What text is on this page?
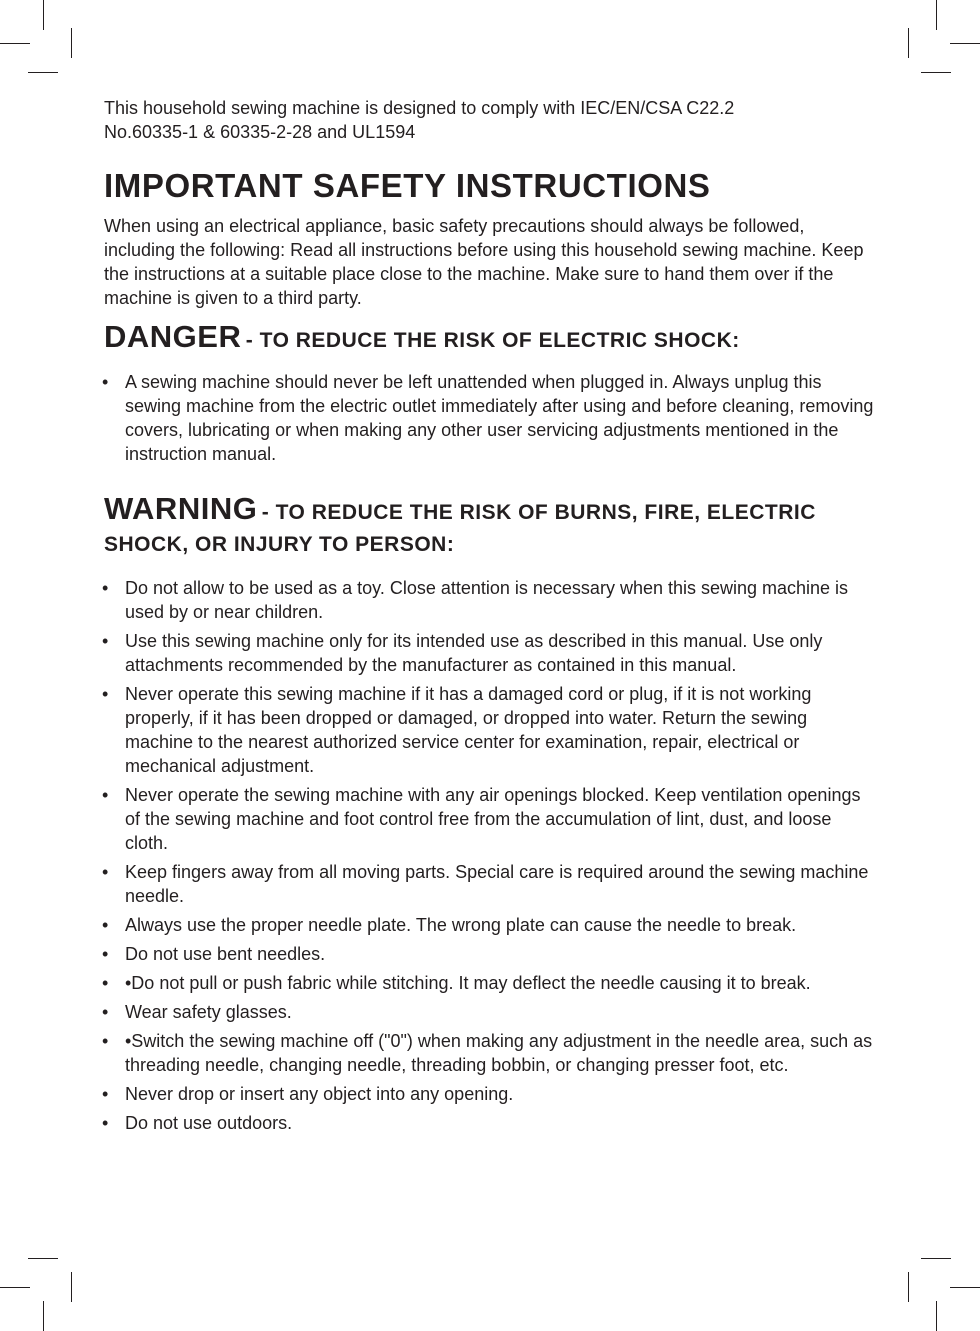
This household sewing machine is designed to comply with IEC/EN/CSA C22.2
No.60335-1 & 60335-2-28 and UL1594

IMPORTANT SAFETY INSTRUCTIONS

When using an electrical appliance, basic safety precautions should always be followed, including the following: Read all instructions before using this household sewing machine. Keep the instructions at a suitable place close to the machine. Make sure to hand them over if the machine is given to a third party.

DANGER - TO REDUCE THE RISK OF ELECTRIC SHOCK:
• A sewing machine should never be left unattended when plugged in. Always unplug this sewing machine from the electric outlet immediately after using and before cleaning, removing covers, lubricating or when making any other user servicing adjustments mentioned in the instruction manual.
WARNING - TO REDUCE THE RISK OF BURNS, FIRE, ELECTRIC SHOCK, OR INJURY TO PERSON:
• Do not allow to be used as a toy. Close attention is necessary when this sewing machine is used by or near children.
• Use this sewing machine only for its intended use as described in this manual. Use only attachments recommended by the manufacturer as contained in this manual.
• Never operate this sewing machine if it has a damaged cord or plug, if it is not working properly, if it has been dropped or damaged, or dropped into water. Return the sewing machine to the nearest authorized service center for examination, repair, electrical or mechanical adjustment.
• Never operate the sewing machine with any air openings blocked. Keep ventilation openings of the sewing machine and foot control free from the accumulation of lint, dust, and loose cloth.
• Keep fingers away from all moving parts. Special care is required around the sewing machine needle.
• Always use the proper needle plate. The wrong plate can cause the needle to break.
• Do not use bent needles.
• •Do not pull or push fabric while stitching. It may deflect the needle causing it to break.
• Wear safety glasses.
• •Switch the sewing machine off ("0") when making any adjustment in the needle area, such as threading needle, changing needle, threading bobbin, or changing presser foot, etc.
• Never drop or insert any object into any opening.
• Do not use outdoors.
